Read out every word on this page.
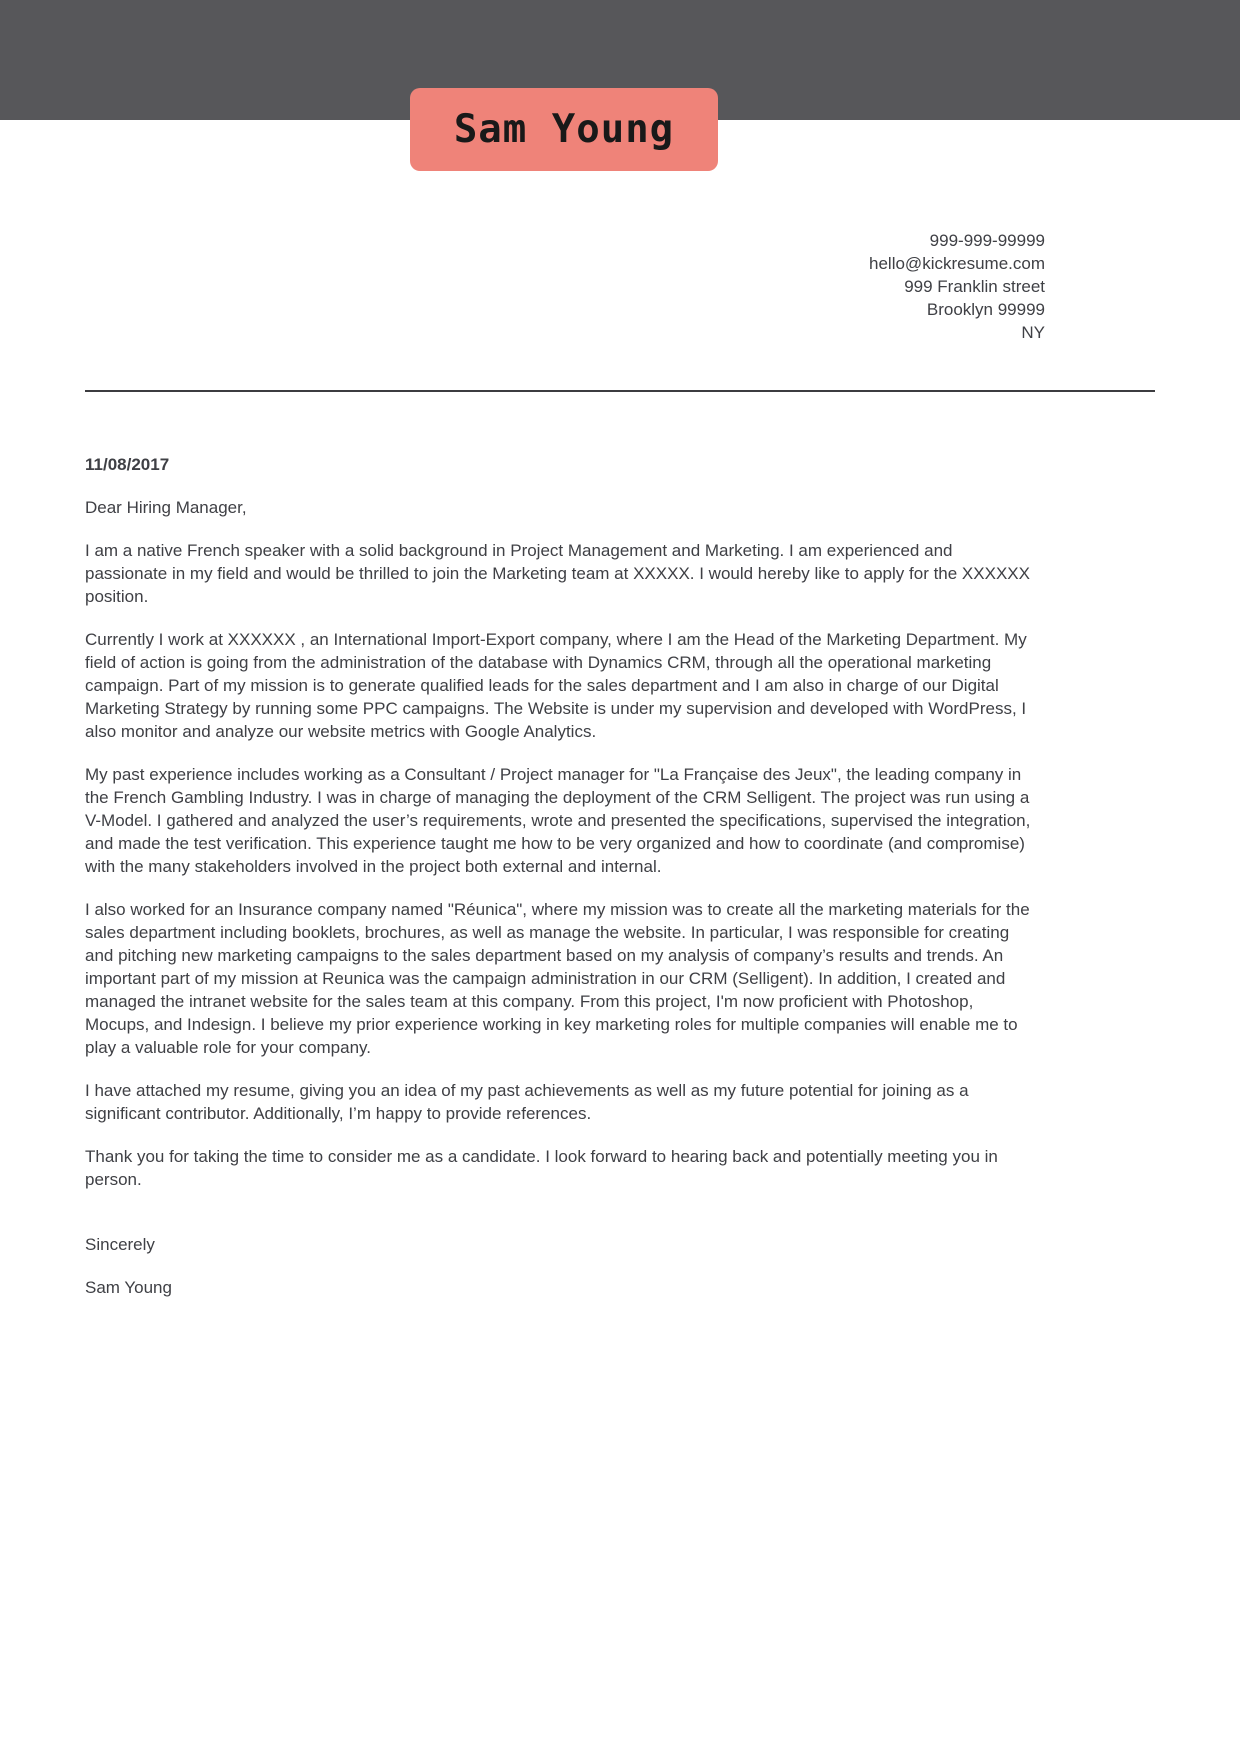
Sam Young
999-999-99999
hello@kickresume.com
999 Franklin street
Brooklyn 99999
NY

11/08/2017

Dear Hiring Manager,

I am a native French speaker with a solid background in Project Management and Marketing. I am experienced and passionate in my field and would be thrilled to join the Marketing team at XXXXX. I would hereby like to apply for the XXXXXX position.

Currently I work at XXXXXX , an International Import-Export company, where I am the Head of the Marketing Department. My field of action is going from the administration of the database with Dynamics CRM, through all the operational marketing campaign. Part of my mission is to generate qualified leads for the sales department and I am also in charge of our Digital Marketing Strategy by running some PPC campaigns. The Website is under my supervision and developed with WordPress, I also monitor and analyze our website metrics with Google Analytics.

My past experience includes working as a Consultant / Project manager for "La Française des Jeux", the leading company in the French Gambling Industry. I was in charge of managing the deployment of the CRM Selligent. The project was run using a V-Model. I gathered and analyzed the user’s requirements, wrote and presented the specifications, supervised the integration, and made the test verification. This experience taught me how to be very organized and how to coordinate (and compromise) with the many stakeholders involved in the project both external and internal.

I also worked for an Insurance company named "Réunica", where my mission was to create all the marketing materials for the sales department including booklets, brochures, as well as manage the website. In particular, I was responsible for creating and pitching new marketing campaigns to the sales department based on my analysis of company’s results and trends. An important part of my mission at Reunica was the campaign administration in our CRM (Selligent). In addition, I created and managed the intranet website for the sales team at this company. From this project, I'm now proficient with Photoshop, Mocups, and Indesign. I believe my prior experience working in key marketing roles for multiple companies will enable me to play a valuable role for your company.

I have attached my resume, giving you an idea of my past achievements as well as my future potential for joining as a significant contributor. Additionally, I’m happy to provide references.

Thank you for taking the time to consider me as a candidate. I look forward to hearing back and potentially meeting you in person.

Sincerely

Sam Young
